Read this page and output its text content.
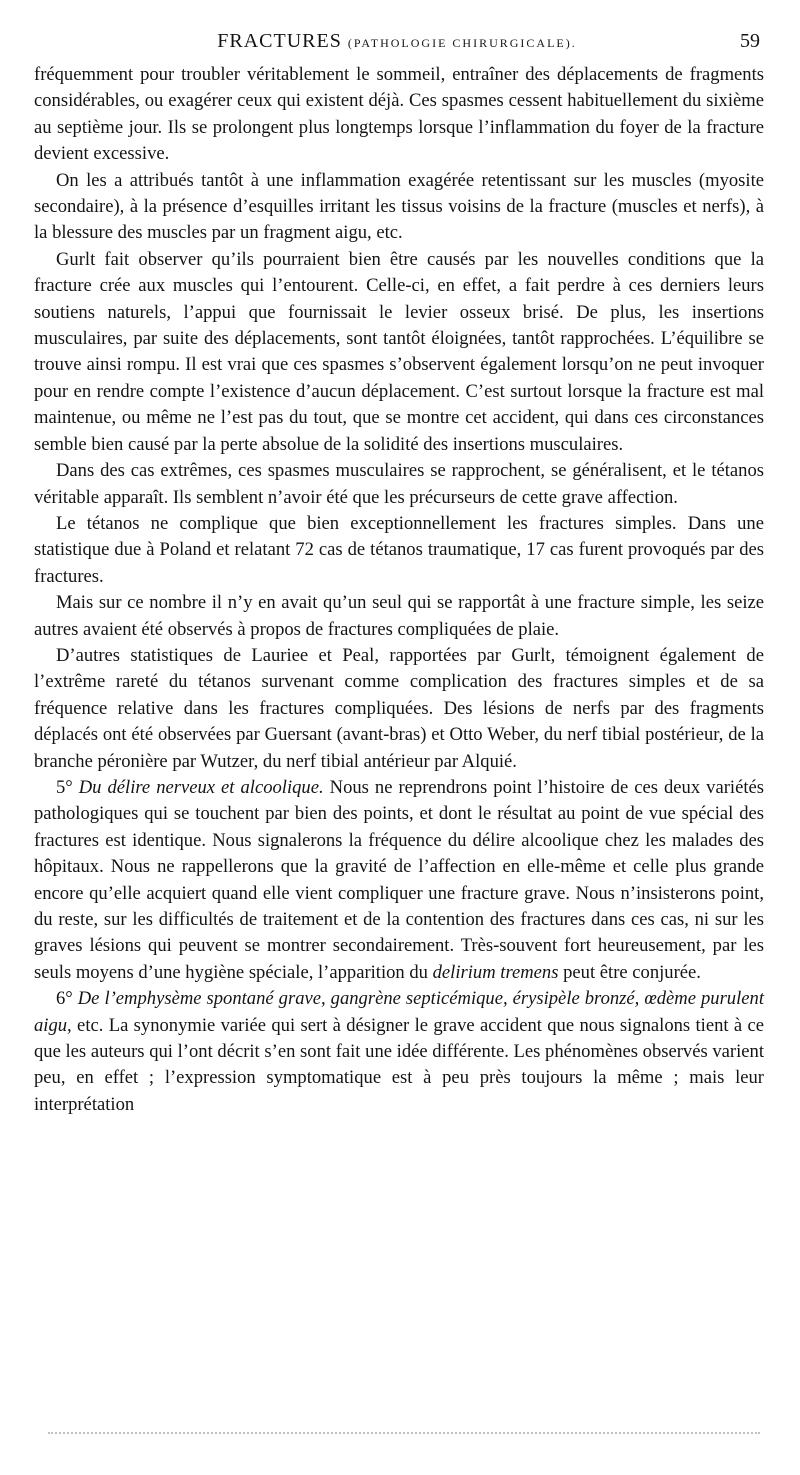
FRACTURES (PATHOLOGIE CHIRURGICALE).	59

fréquemment pour troubler véritablement le sommeil, entraîner des déplacements de fragments considérables, ou exagérer ceux qui existent déjà. Ces spasmes cessent habituellement du sixième au septième jour. Ils se prolongent plus longtemps lorsque l’inflammation du foyer de la fracture devient excessive.

On les a attribués tantôt à une inflammation exagérée retentissant sur les muscles (myosite secondaire), à la présence d’esquilles irritant les tissus voisins de la fracture (muscles et nerfs), à la blessure des muscles par un fragment aigu, etc.

Gurlt fait observer qu’ils pourraient bien être causés par les nouvelles conditions que la fracture crée aux muscles qui l’entourent. Celle-ci, en effet, a fait perdre à ces derniers leurs soutiens naturels, l’appui que fournissait le levier osseux brisé. De plus, les insertions musculaires, par suite des déplacements, sont tantôt éloignées, tantôt rapprochées. L’équilibre se trouve ainsi rompu. Il est vrai que ces spasmes s’observent également lorsqu’on ne peut invoquer pour en rendre compte l’existence d’aucun déplacement. C’est surtout lorsque la fracture est mal maintenue, ou même ne l’est pas du tout, que se montre cet accident, qui dans ces circonstances semble bien causé par la perte absolue de la solidité des insertions musculaires.

Dans des cas extrêmes, ces spasmes musculaires se rapprochent, se généralisent, et le tétanos véritable apparaît. Ils semblent n’avoir été que les précurseurs de cette grave affection.

Le tétanos ne complique que bien exceptionnellement les fractures simples. Dans une statistique due à Poland et relatant 72 cas de tétanos traumatique, 17 cas furent provoqués par des fractures.

Mais sur ce nombre il n’y en avait qu’un seul qui se rapportât à une fracture simple, les seize autres avaient été observés à propos de fractures compliquées de plaie.

D’autres statistiques de Lauriee et Peal, rapportées par Gurlt, témoignent également de l’extrême rareté du tétanos survenant comme complication des fractures simples et de sa fréquence relative dans les fractures compliquées. Des lésions de nerfs par des fragments déplacés ont été observées par Guersant (avant-bras) et Otto Weber, du nerf tibial postérieur, de la branche péronière par Wutzer, du nerf tibial antérieur par Alquié.

5° Du délire nerveux et alcoolique. Nous ne reprendrons point l’histoire de ces deux variétés pathologiques qui se touchent par bien des points, et dont le résultat au point de vue spécial des fractures est identique. Nous signalerons la fréquence du délire alcoolique chez les malades des hôpitaux. Nous ne rappellerons que la gravité de l’affection en elle-même et celle plus grande encore qu’elle acquiert quand elle vient compliquer une fracture grave. Nous n’insisterons point, du reste, sur les difficultés de traitement et de la contention des fractures dans ces cas, ni sur les graves lésions qui peuvent se montrer secondairement. Très-souvent fort heureusement, par les seuls moyens d’une hygiène spéciale, l’apparition du delirium tremens peut être conjurée.

6° De l’emphysème spontané grave, gangrène septicémique, érysipèle bronzé, œdème purulent aigu, etc. La synonymie variée qui sert à désigner le grave accident que nous signalons tient à ce que les auteurs qui l’ont décrit s’en sont fait une idée différente. Les phénomènes observés varient peu, en effet ; l’expression symptomatique est à peu près toujours la même ; mais leur interprétation
